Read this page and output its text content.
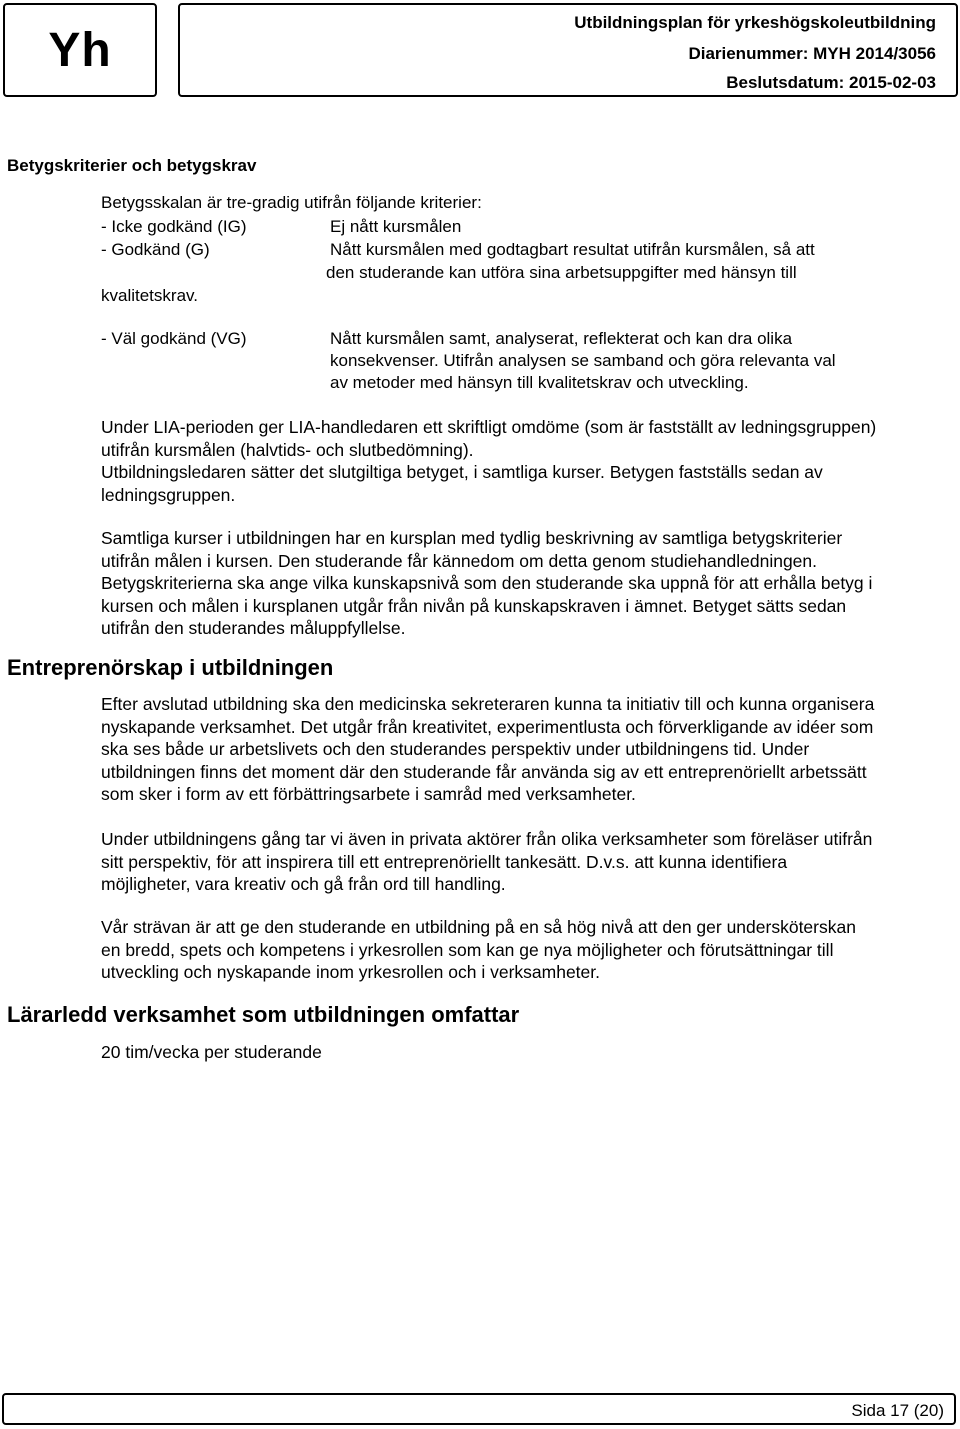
Yh
Utbildningsplan för yrkeshögskoleutbildning
Diarienummer: MYH 2014/3056
Beslutsdatum: 2015-02-03
Betygskriterier och betygskrav
Betygsskalan är tre-gradig utifrån följande kriterier:
- Icke godkänd (IG)	Ej nått kursmålen
- Godkänd (G)	Nått kursmålen med godtagbart resultat utifrån kursmålen, så att
den studerande kan utföra sina arbetsuppgifter med hänsyn till
kvalitetskrav.
- Väl godkänd (VG)	Nått kursmålen samt, analyserat, reflekterat och kan dra olika
konsekvenser. Utifrån analysen se samband och göra relevanta val
av metoder med hänsyn till kvalitetskrav och utveckling.
Under LIA-perioden ger LIA-handledaren ett skriftligt omdöme (som är fastställt av ledningsgruppen)
utifrån kursmålen (halvtids- och slutbedömning).
Utbildningsledaren sätter det slutgiltiga betyget, i samtliga kurser. Betygen fastställs sedan av
ledningsgruppen.
Samtliga kurser i utbildningen har en kursplan med tydlig beskrivning av samtliga betygskriterier
utifrån målen i kursen. Den studerande får kännedom om detta genom studiehandledningen.
Betygskriterierna ska ange vilka kunskapsnivå som den studerande ska uppnå för att erhålla betyg i
kursen och målen i kursplanen utgår från nivån på kunskapskraven i ämnet. Betyget sätts sedan
utifrån den studerandes måluppfyllelse.
Entreprenörskap i utbildningen
Efter avslutad utbildning ska den medicinska sekreteraren kunna ta initiativ till och kunna organisera
nyskapande verksamhet. Det utgår från kreativitet, experimentlusta och förverkligande av idéer som
ska ses både ur arbetslivets och den studerandes perspektiv under utbildningens tid. Under
utbildningen finns det moment där den studerande får använda sig av ett entreprenöriellt arbetssätt
som sker i form av ett förbättringsarbete i samråd med verksamheter.
Under utbildningens gång tar vi även in privata aktörer från olika verksamheter som föreläser utifrån
sitt perspektiv, för att inspirera till ett entreprenöriellt tankesätt. D.v.s. att kunna identifiera
möjligheter, vara kreativ och gå från ord till handling.
Vår strävan är att ge den studerande en utbildning på en så hög nivå att den ger undersköterskan
en bredd, spets och kompetens i yrkesrollen som kan ge nya möjligheter och förutsättningar till
utveckling och nyskapande inom yrkesrollen och i verksamheter.
Lärarledd verksamhet som utbildningen omfattar
20 tim/vecka per studerande
Sida 17 (20)
